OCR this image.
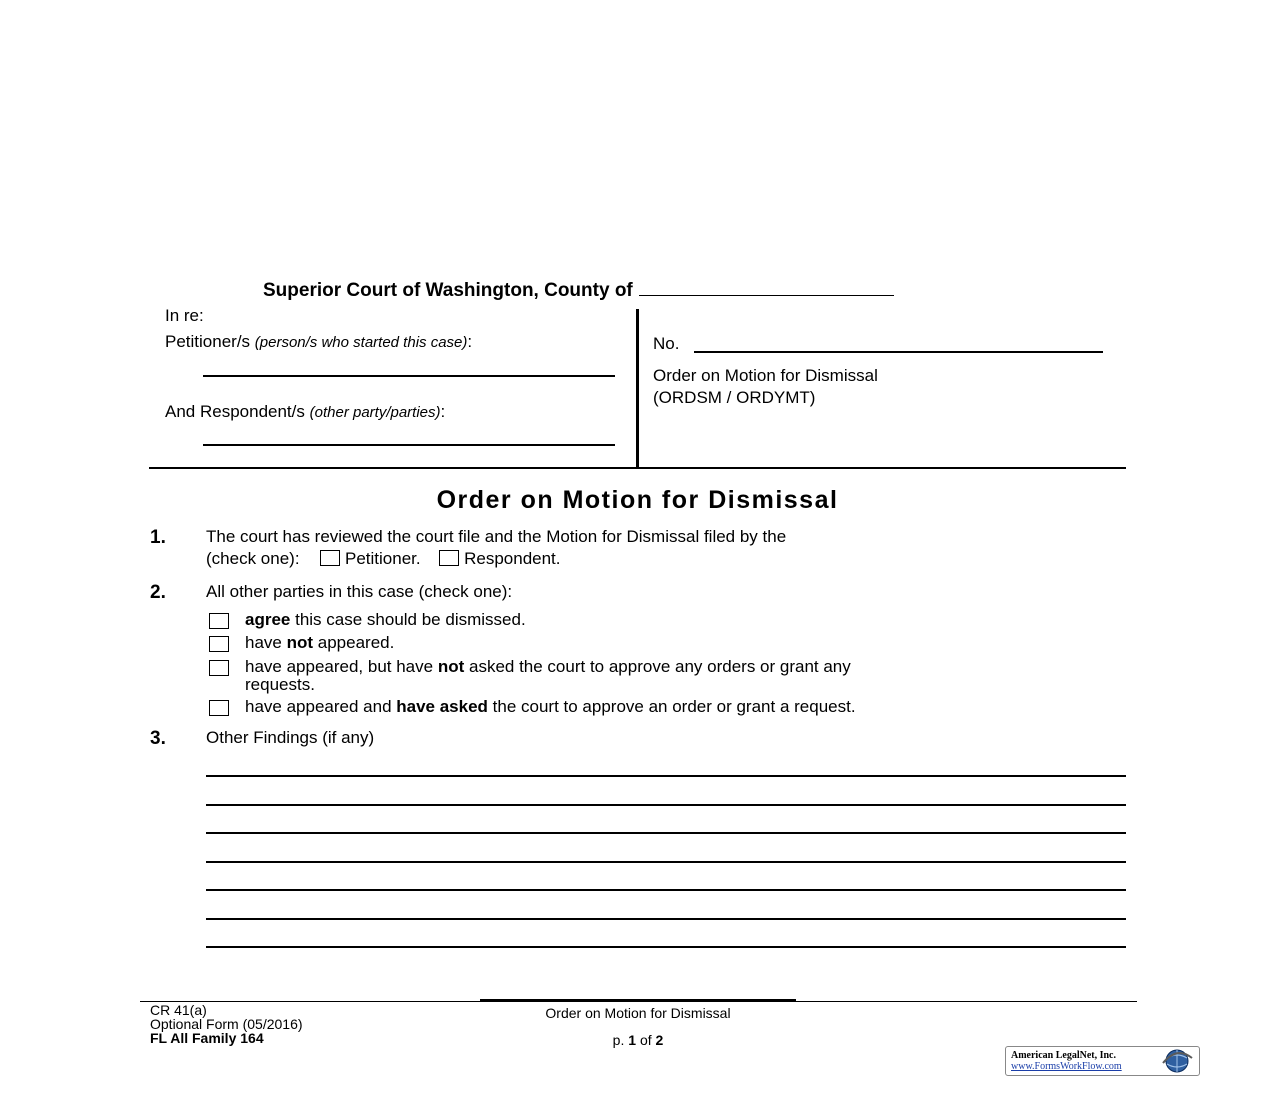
Superior Court of Washington, County of
In re:
Petitioner/s (person/s who started this case):
And Respondent/s (other party/parties):
No.
Order on Motion for Dismissal
(ORDSM / ORDYMT)
Order on Motion for Dismissal
1. The court has reviewed the court file and the Motion for Dismissal filed by the
(check one):	Petitioner.	Respondent.
2. All other parties in this case (check one):
agree this case should be dismissed.
have not appeared.
have appeared, but have not asked the court to approve any orders or grant any
requests.
have appeared and have asked the court to approve an order or grant a request.
3. Other Findings (if any)
CR 41(a)
Optional Form (05/2016)
FL All Family 164
Order on Motion for Dismissal
p. 1 of 2
American LegalNet, Inc.
www.FormsWorkFlow.com
